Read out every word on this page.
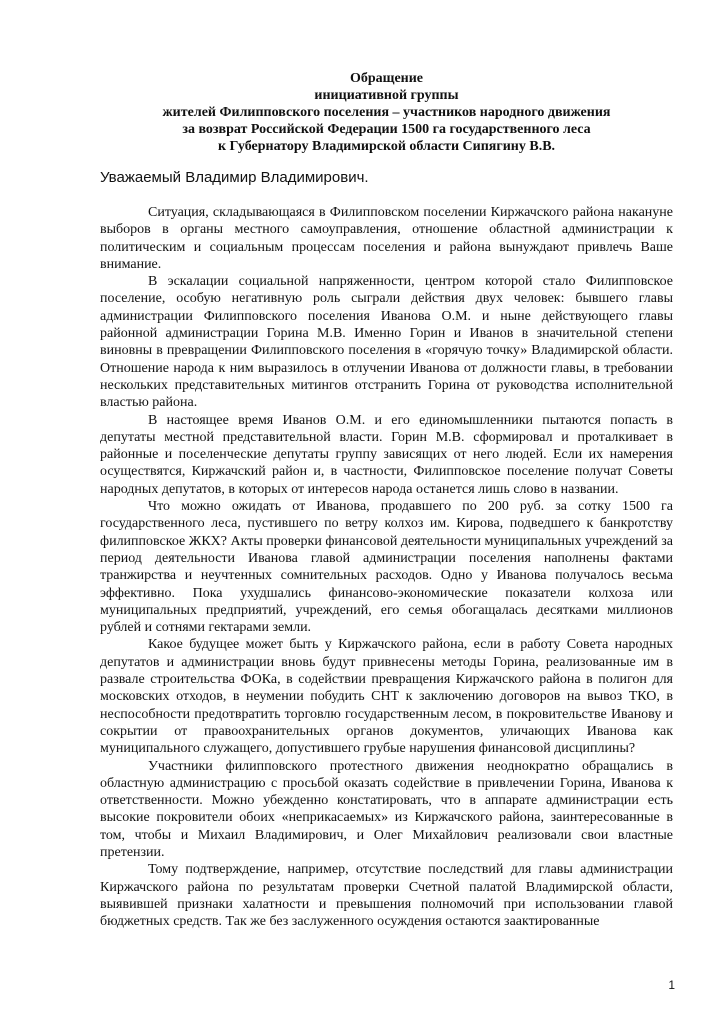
Обращение
инициативной группы
жителей Филипповского поселения – участников народного движения
за возврат Российской Федерации 1500 га государственного леса
к Губернатору Владимирской области Сипягину В.В.
Уважаемый Владимир Владимирович.

Ситуация, складывающаяся в Филипповском поселении Киржачского района накануне выборов в органы местного самоуправления, отношение областной администрации к политическим и социальным процессам поселения и района вынуждают привлечь Ваше внимание.

В эскалации социальной напряженности, центром которой стало Филипповское поселение, особую негативную роль сыграли действия двух человек: бывшего главы администрации Филипповского поселения Иванова О.М. и ныне действующего главы районной администрации Горина М.В. Именно Горин и Иванов в значительной степени виновны в превращении Филипповского поселения в «горячую точку» Владимирской области. Отношение народа к ним выразилось в отлучении Иванова от должности главы, в требовании нескольких представительных митингов отстранить Горина от руководства исполнительной властью района.

В настоящее время Иванов О.М. и его единомышленники пытаются попасть в депутаты местной представительной власти. Горин М.В. сформировал и проталкивает в районные и поселенческие депутаты группу зависящих от него людей. Если их намерения осуществятся, Киржачский район и, в частности, Филипповское поселение получат Советы народных депутатов, в которых от интересов народа останется лишь слово в названии.

Что можно ожидать от Иванова, продавшего по 200 руб. за сотку 1500 га государственного леса, пустившего по ветру колхоз им. Кирова, подведшего к банкротству филипповское ЖКХ? Акты проверки финансовой деятельности муниципальных учреждений за период деятельности Иванова главой администрации поселения наполнены фактами транжирства и неучтенных сомнительных расходов. Одно у Иванова получалось весьма эффективно. Пока ухудшались финансово-экономические показатели колхоза или муниципальных предприятий, учреждений, его семья обогащалась десятками миллионов рублей и сотнями гектарами земли.

Какое будущее может быть у Киржачского района, если в работу Совета народных депутатов и администрации вновь будут привнесены методы Горина, реализованные им в развале строительства ФОКа, в содействии превращения Киржачского района в полигон для московских отходов, в неумении побудить СНТ к заключению договоров на вывоз ТКО, в неспособности предотвратить торговлю государственным лесом, в покровительстве Иванову и сокрытии от правоохранительных органов документов, уличающих Иванова как муниципального служащего, допустившего грубые нарушения финансовой дисциплины?

Участники филипповского протестного движения неоднократно обращались в областную администрацию с просьбой оказать содействие в привлечении Горина, Иванова к ответственности. Можно убежденно констатировать, что в аппарате администрации есть высокие покровители обоих «неприкасаемых» из Киржачского района, заинтересованные в том, чтобы и Михаил Владимирович, и Олег Михайлович реализовали свои властные претензии.

Тому подтверждение, например, отсутствие последствий для главы администрации Киржачского района по результатам проверки Счетной палатой Владимирской области, выявившей признаки халатности и превышения полномочий при использовании главой бюджетных средств. Так же без заслуженного осуждения остаются заактированные

1
